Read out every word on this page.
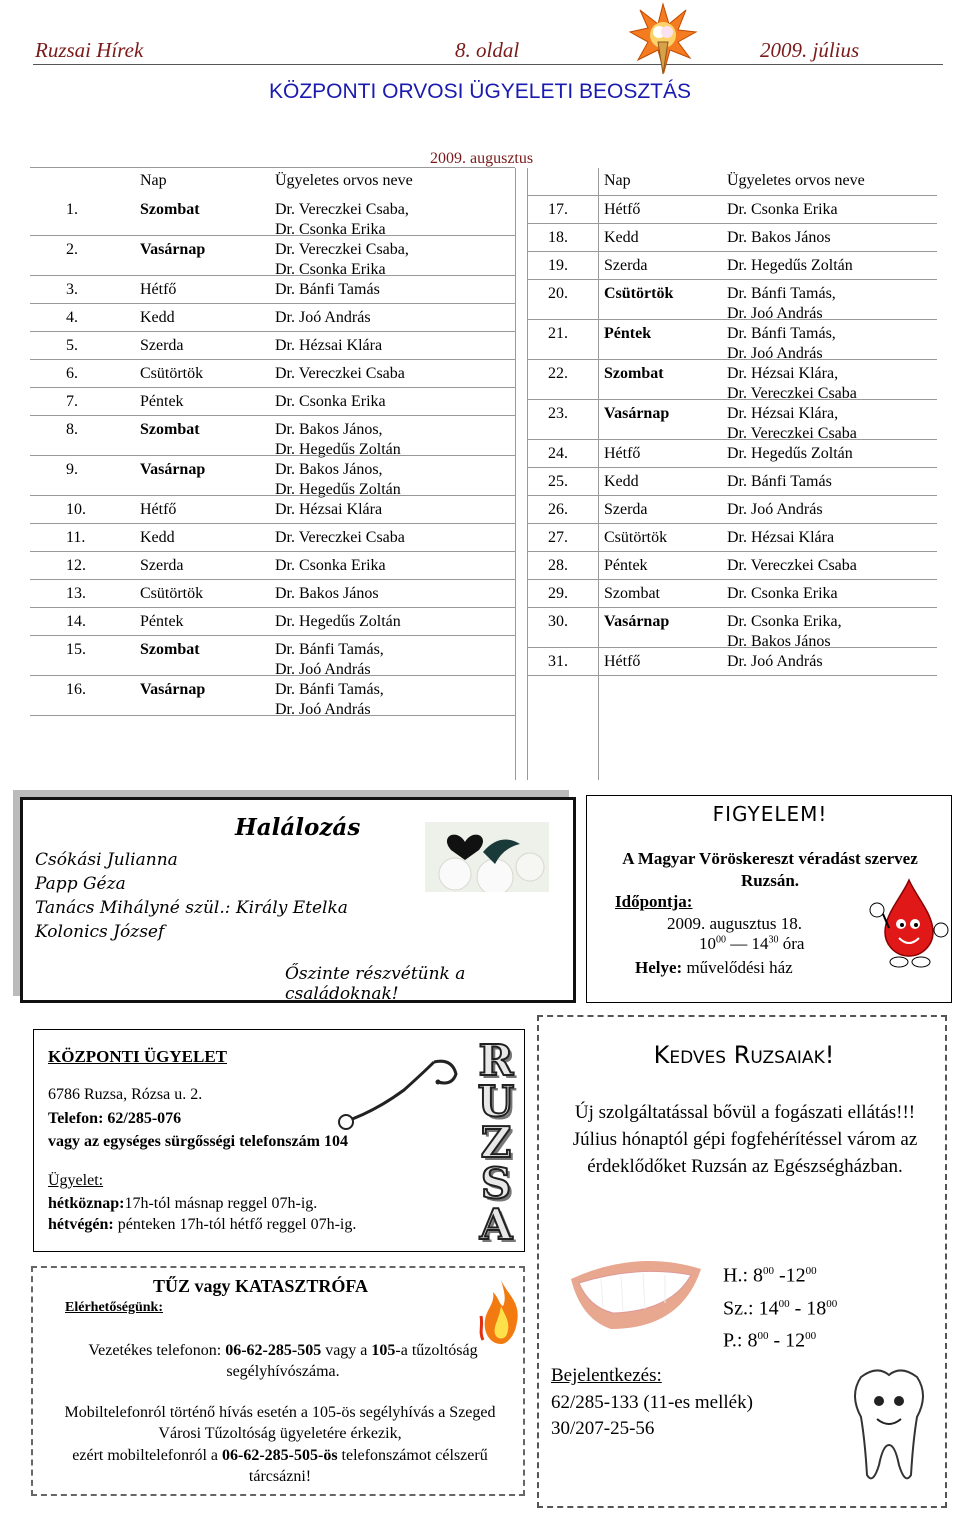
Ruzsai Hírek	8. oldal	2009. július
KÖZPONTI ORVOSI ÜGYELETI BEOSZTÁS
2009. augusztus
Nap	Ügyeletes orvos neve	Nap	Ügyeletes orvos neve
1.	Szombat	Dr. Vereczkei Csaba,
Dr. Csonka Erika
2.	Vasárnap	Dr. Vereczkei Csaba,
Dr. Csonka Erika
3.	Hétfő	Dr. Bánfi Tamás
4.	Kedd	Dr. Joó András
5.	Szerda	Dr. Hézsai Klára
6.	Csütörtök	Dr. Vereczkei Csaba
7.	Péntek	Dr. Csonka Erika
8.	Szombat	Dr. Bakos János,
Dr. Hegedűs Zoltán
9.	Vasárnap	Dr. Bakos János,
Dr. Hegedűs Zoltán
10.	Hétfő	Dr. Hézsai Klára
11.	Kedd	Dr. Vereczkei Csaba
12.	Szerda	Dr. Csonka Erika
13.	Csütörtök	Dr. Bakos János
14.	Péntek	Dr. Hegedűs Zoltán
15.	Szombat	Dr. Bánfi Tamás,
Dr. Joó András
16.	Vasárnap	Dr. Bánfi Tamás,
Dr. Joó András
17. Hétfő	Dr. Csonka Erika
18. Kedd	Dr. Bakos János
19. Szerda	Dr. Hegedűs Zoltán
20. Csütörtök	Dr. Bánfi Tamás,
Dr. Joó András
21. Péntek	Dr. Bánfi Tamás,
Dr. Joó András
22. Szombat	Dr. Hézsai Klára,
Dr. Vereczkei Csaba
23. Vasárnap	Dr. Hézsai Klára,
Dr. Vereczkei Csaba
24. Hétfő	Dr. Hegedűs Zoltán
25. Kedd	Dr. Bánfi Tamás
26. Szerda	Dr. Joó András
27. Csütörtök	Dr. Hézsai Klára
28. Péntek	Dr. Vereczkei Csaba
29. Szombat	Dr. Csonka Erika
30. Vasárnap	Dr. Csonka Erika,
Dr. Bakos János
31. Hétfő	Dr. Joó András
Halálozás
Csókási Julianna
Papp Géza
Tanács Mihályné szül.: Király Etelka
Kolonics József
Őszinte részvétünk a családoknak!
FIGYELEM!
A Magyar Vöröskereszt véradást szervez Ruzsán.
Időpontja:
2009. augusztus 18.
$10^{00}$ — $14^{30}$ óra
Helye: művelődési ház
KÖZPONTI ÜGYELET
6786 Ruzsa, Rózsa u. 2.
Telefon: 62/285-076
vagy az egységes sürgősségi telefonszám 104
Ügyelet:
hétköznap:17h-tól másnap reggel 07h-ig.
hétvégén: pénteken 17h-tól hétfő reggel 07h-ig.
R
U
Z
S
A
TŰZ vagy KATASZTRÓFA
Elérhetőségünk:
Vezetékes telefonon: 06-62-285-505 vagy a 105-a tűzoltóság segélyhívószáma.
Mobiltelefonról történő hívás esetén a 105-ös segélyhívás a Szeged Városi Tűzoltóság ügyeletére érkezik,
ezért mobiltelefonról a 06-62-285-505-ös telefonszámot célszerű tárcsázni!
Kedves Ruzsaiak!
Új szolgáltatással bővül a fogászati ellátás!!! Július hónaptól gépi fogfehérítéssel várom az érdeklődőket Ruzsán az Egészségházban.
H.: $8^{00}$ $-12^{00}$
Sz.: $14^{00} - 18^{00}$
P.: $8^{00} - 12^{00}$
Bejelentkezés:
62/285-133 (11-es mellék)
30/207-25-56
